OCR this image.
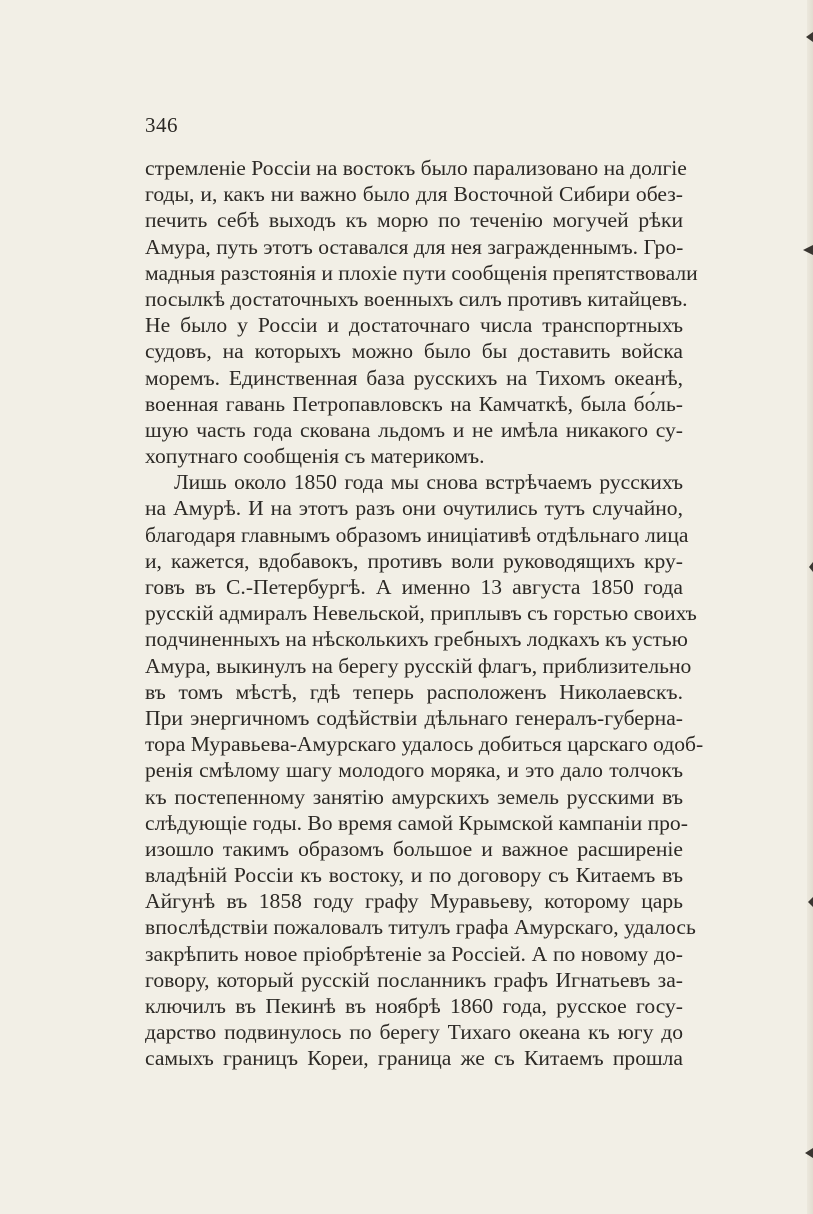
346
стремленіе Россіи на востокъ было парализовано на долгіе
годы, и, какъ ни важно было для Восточной Сибири обез-
печить себѣ выходъ къ морю по теченію могучей рѣки
Амура, путь этотъ оставался для нея загражденнымъ. Гро-
мадныя разстоянія и плохіе пути сообщенія препятствовали
посылкѣ достаточныхъ военныхъ силъ противъ китайцевъ.
Не было у Россіи и достаточнаго числа транспортныхъ
судовъ, на которыхъ можно было бы доставить войска
моремъ. Единственная база русскихъ на Тихомъ океанѣ,
военная гавань Петропавловскъ на Камчаткѣ, была бо́ль-
шую часть года скована льдомъ и не имѣла никакого су-
хопутнаго сообщенія съ материкомъ.
Лишь около 1850 года мы снова встрѣчаемъ русскихъ
на Амурѣ. И на этотъ разъ они очутились тутъ случайно,
благодаря главнымъ образомъ иниціативѣ отдѣльнаго лица
и, кажется, вдобавокъ, противъ воли руководящихъ кру-
говъ въ С.-Петербургѣ. А именно 13 августа 1850 года
русскій адмиралъ Невельской, приплывъ съ горстью своихъ
подчиненныхъ на нѣсколькихъ гребныхъ лодкахъ къ устью
Амура, выкинулъ на берегу русскій флагъ, приблизительно
въ томъ мѣстѣ, гдѣ теперь расположенъ Николаевскъ.
При энергичномъ содѣйствіи дѣльнаго генералъ-губерна-
тора Муравьева-Амурскаго удалось добиться царскаго одоб-
ренія смѣлому шагу молодого моряка, и это дало толчокъ
къ постепенному занятію амурскихъ земель русскими въ
слѣдующіе годы. Во время самой Крымской кампаніи про-
изошло такимъ образомъ большое и важное расширеніе
владѣній Россіи къ востоку, и по договору съ Китаемъ въ
Айгунѣ въ 1858 году графу Муравьеву, которому царь
впослѣдствіи пожаловалъ титулъ графа Амурскаго, удалось
закрѣпить новое пріобрѣтеніе за Россіей. А по новому до-
говору, который русскій посланникъ графъ Игнатьевъ за-
ключилъ въ Пекинѣ въ ноябрѣ 1860 года, русское госу-
дарство подвинулось по берегу Тихаго океана къ югу до
самыхъ границъ Кореи, граница же съ Китаемъ прошла
